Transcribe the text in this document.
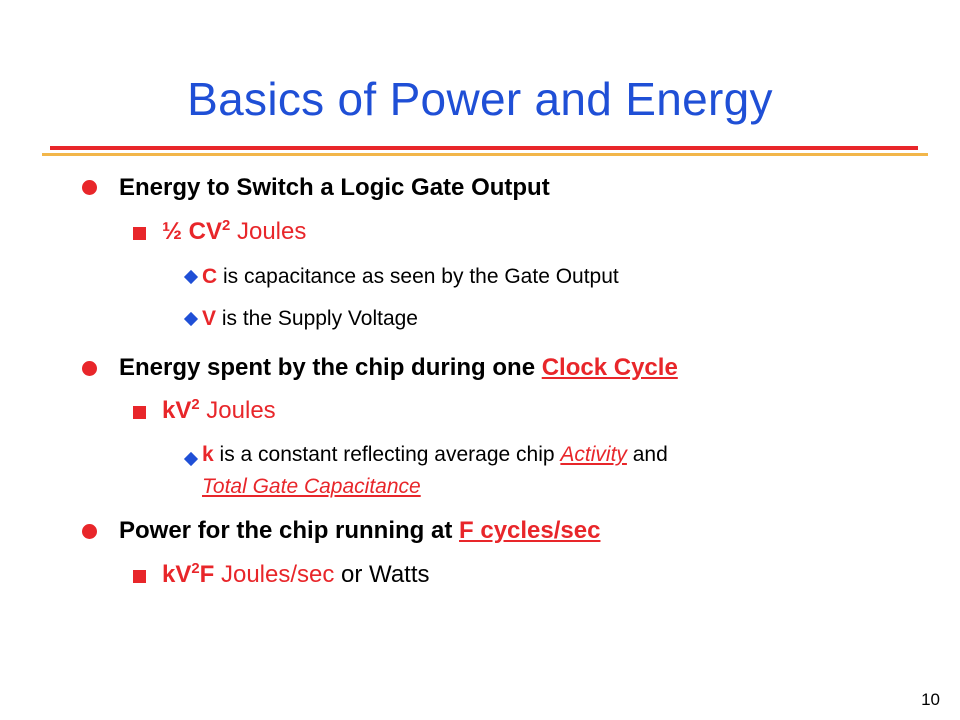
Basics of Power and Energy
Energy to Switch a Logic Gate Output
½ $CV^2$ Joules
C is capacitance as seen by the Gate Output
V is the Supply Voltage
Energy spent by the chip during one Clock Cycle
$kV^2$ Joules
k is a constant reflecting average chip Activity and
Total Gate Capacitance
Power for the chip running at F cycles/sec
$kV^2F$ Joules/sec or Watts
10
